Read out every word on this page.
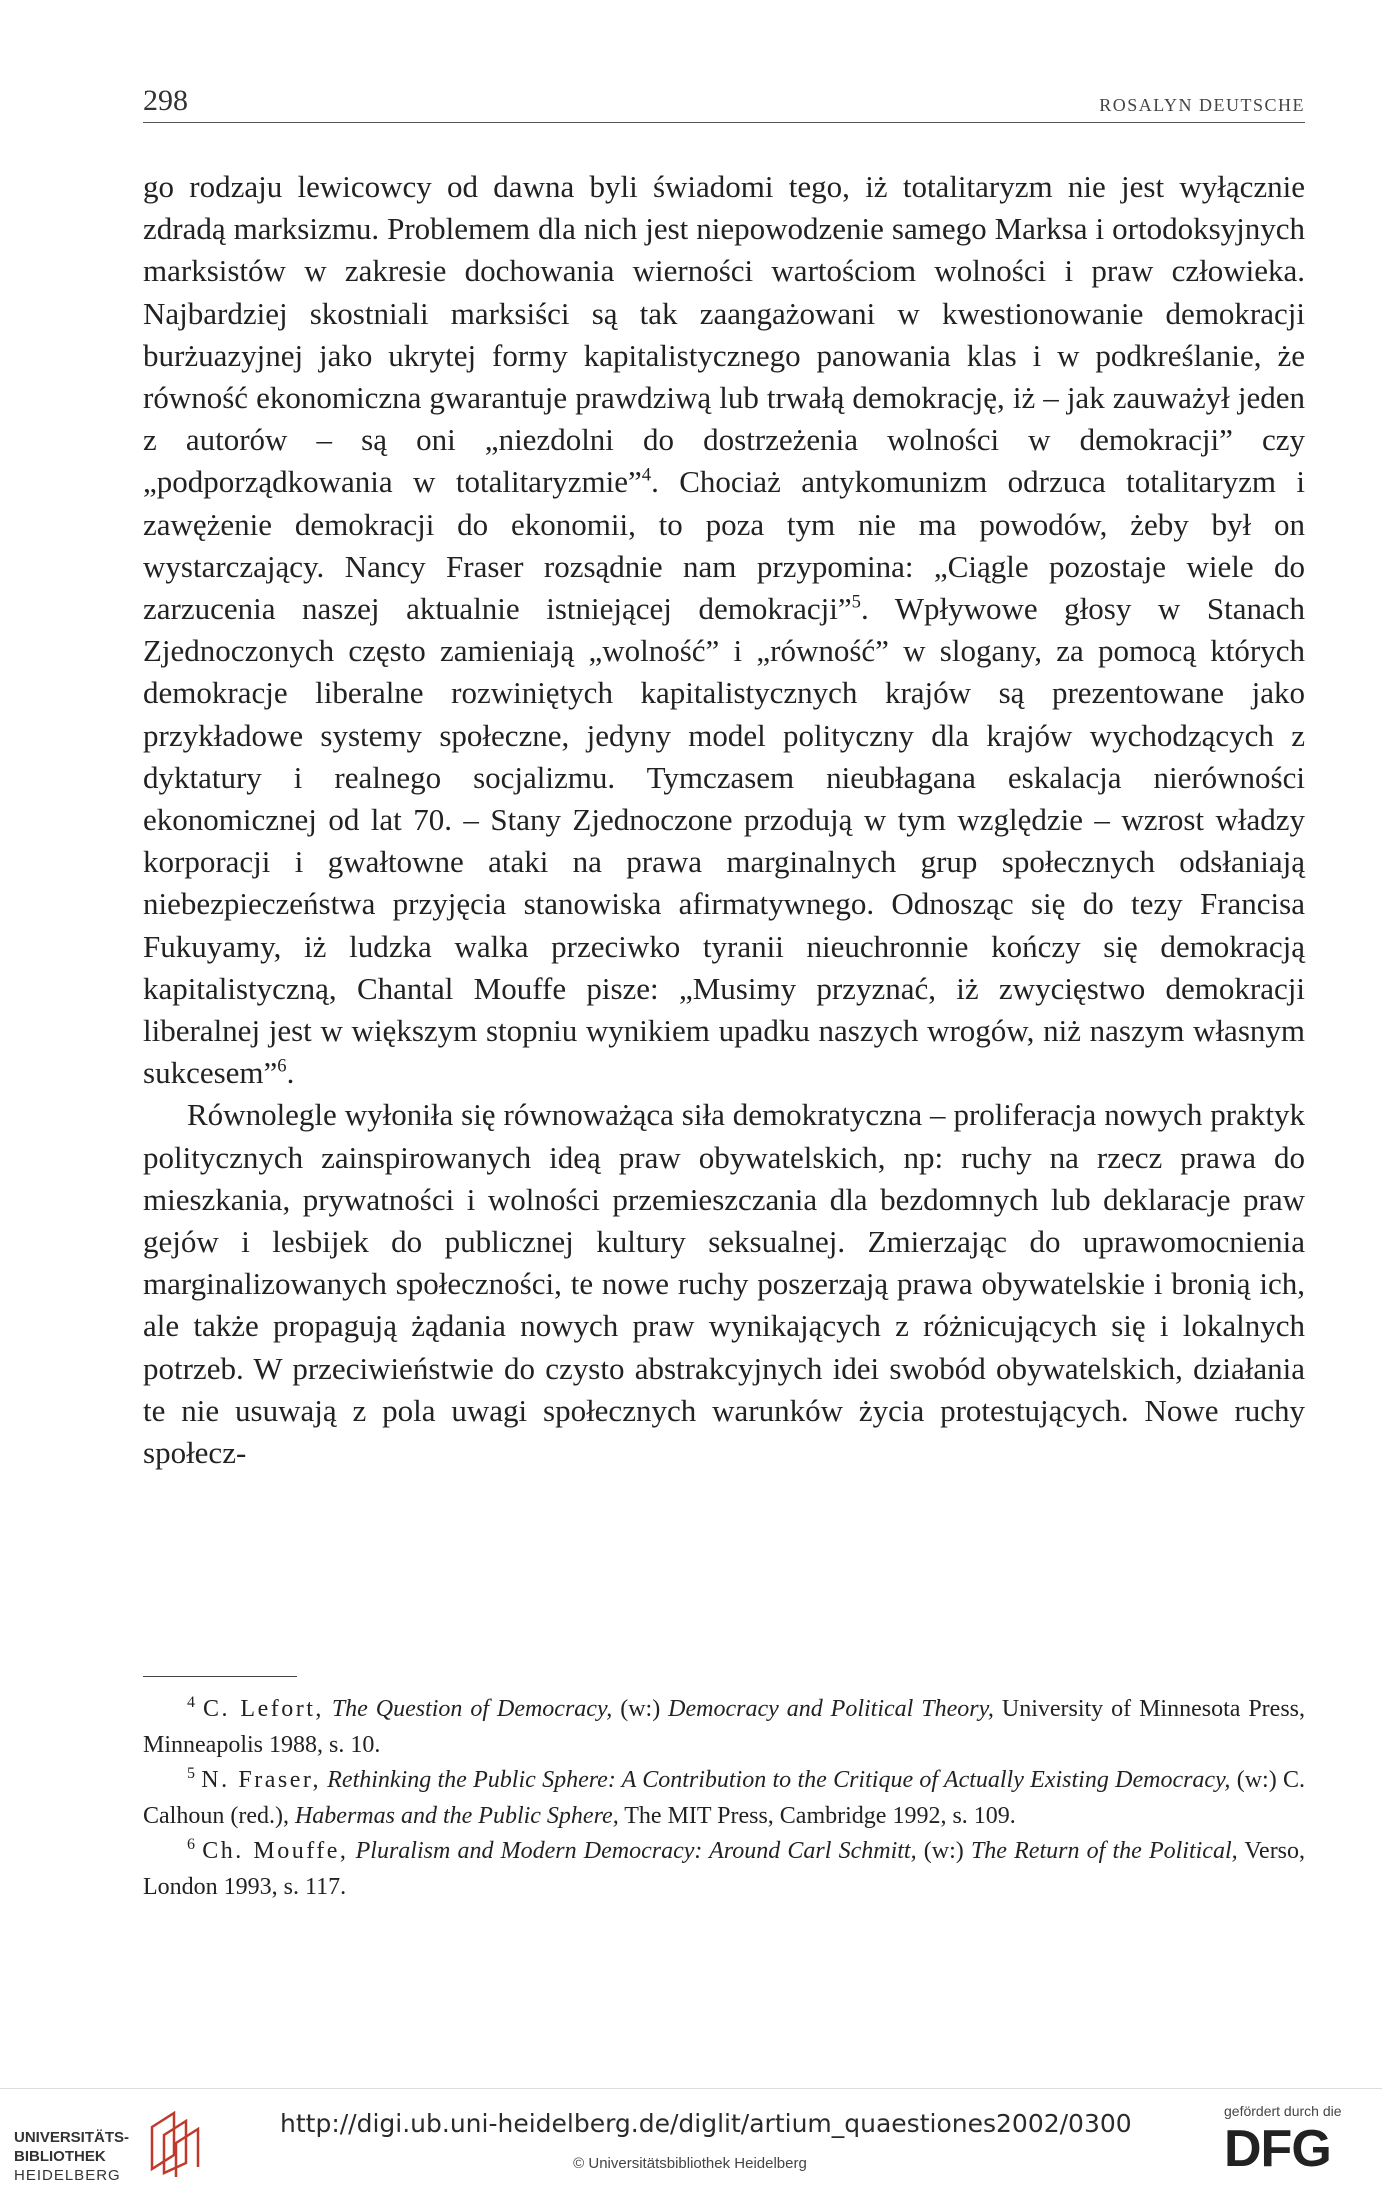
298	ROSALYN DEUTSCHE

go rodzaju lewicowcy od dawna byli świadomi tego, iż totalitaryzm nie jest wyłącznie zdradą marksizmu. Problemem dla nich jest niepowodzenie samego Marksa i ortodoksyjnych marksistów w zakresie dochowania wierności wartościom wolności i praw człowieka. Najbardziej skostniali marksiści są tak zaangażowani w kwestionowanie demokracji burżuazyjnej jako ukrytej formy kapitalistycznego panowania klas i w podkreślanie, że równość ekonomiczna gwarantuje prawdziwą lub trwałą demokrację, iż – jak zauważył jeden z autorów – są oni „niezdolni do dostrzeżenia wolności w demokracji” czy „podporządkowania w totalitaryzmie”$^4$. Chociaż antykomunizm odrzuca totalitaryzm i zawężenie demokracji do ekonomii, to poza tym nie ma powodów, żeby był on wystarczający. Nancy Fraser rozsądnie nam przypomina: „Ciągle pozostaje wiele do zarzucenia naszej aktualnie istniejącej demokracji”$^5$. Wpływowe głosy w Stanach Zjednoczonych często zamieniają „wolność” i „równość” w slogany, za pomocą których demokracje liberalne rozwiniętych kapitalistycznych krajów są prezentowane jako przykładowe systemy społeczne, jedyny model polityczny dla krajów wychodzących z dyktatury i realnego socjalizmu. Tymczasem nieubłagana eskalacja nierówności ekonomicznej od lat 70. – Stany Zjednoczone przodują w tym względzie – wzrost władzy korporacji i gwałtowne ataki na prawa marginalnych grup społecznych odsłaniają niebezpieczeństwa przyjęcia stanowiska afirmatywnego. Odnosząc się do tezy Francisa Fukuyamy, iż ludzka walka przeciwko tyranii nieuchronnie kończy się demokracją kapitalistyczną, Chantal Mouffe pisze: „Musimy przyznać, iż zwycięstwo demokracji liberalnej jest w większym stopniu wynikiem upadku naszych wrogów, niż naszym własnym sukcesem”$^6$.

Równolegle wyłoniła się równoważąca siła demokratyczna – proliferacja nowych praktyk politycznych zainspirowanych ideą praw obywatelskich, np: ruchy na rzecz prawa do mieszkania, prywatności i wolności przemieszczania dla bezdomnych lub deklaracje praw gejów i lesbijek do publicznej kultury seksualnej. Zmierzając do uprawomocnienia marginalizowanych społeczności, te nowe ruchy poszerzają prawa obywatelskie i bronią ich, ale także propagują żądania nowych praw wynikających z różnicujących się i lokalnych potrzeb. W przeciwieństwie do czysto abstrakcyjnych idei swobód obywatelskich, działania te nie usuwają z pola uwagi społecznych warunków życia protestujących. Nowe ruchy społecz-

$^4$ C. Lefort, The Question of Democracy, (w:) Democracy and Political Theory, University of Minnesota Press, Minneapolis 1988, s. 10.

$^5$ N. Fraser, Rethinking the Public Sphere: A Contribution to the Critique of Actually Existing Democracy, (w:) C. Calhoun (red.), Habermas and the Public Sphere, The MIT Press, Cambridge 1992, s. 109.

$^6$ Ch. Mouffe, Pluralism and Modern Democracy: Around Carl Schmitt, (w:) The Return of the Political, Verso, London 1993, s. 117.

UNIVERSITÄTS-
BIBLIOTHEK
HEIDELBERG
http://digi.ub.uni-heidelberg.de/diglit/artium_quaestiones2002/0300
© Universitätsbibliothek Heidelberg
gefördert durch die
DFG
